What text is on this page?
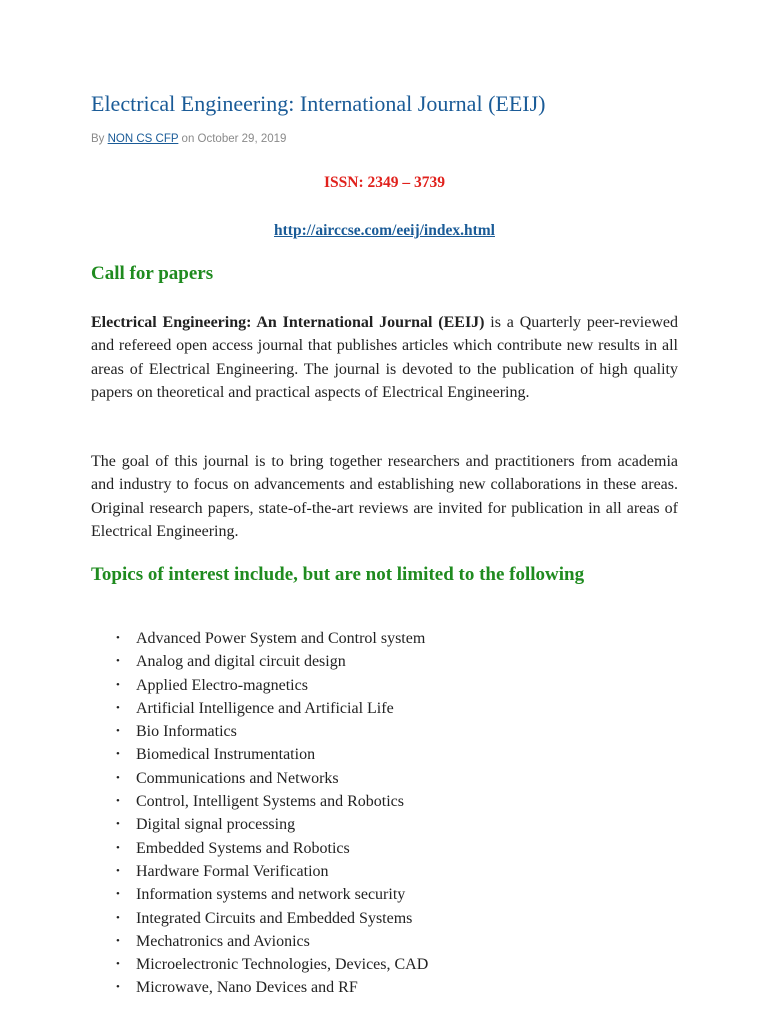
Electrical Engineering: International Journal (EEIJ)
By NON CS CFP on October 29, 2019
ISSN: 2349 – 3739
http://airccse.com/eeij/index.html
Call for papers

Electrical Engineering: An International Journal (EEIJ) is a Quarterly peer-reviewed and refereed open access journal that publishes articles which contribute new results in all areas of Electrical Engineering. The journal is devoted to the publication of high quality papers on theoretical and practical aspects of Electrical Engineering.

The goal of this journal is to bring together researchers and practitioners from academia and industry to focus on advancements and establishing new collaborations in these areas. Original research papers, state-of-the-art reviews are invited for publication in all areas of Electrical Engineering.

Topics of interest include, but are not limited to the following
• Advanced Power System and Control system
• Analog and digital circuit design
• Applied Electro-magnetics
• Artificial Intelligence and Artificial Life
• Bio Informatics
• Biomedical Instrumentation
• Communications and Networks
• Control, Intelligent Systems and Robotics
• Digital signal processing
• Embedded Systems and Robotics
• Hardware Formal Verification
• Information systems and network security
• Integrated Circuits and Embedded Systems
• Mechatronics and Avionics
• Microelectronic Technologies, Devices, CAD
• Microwave, Nano Devices and RF
